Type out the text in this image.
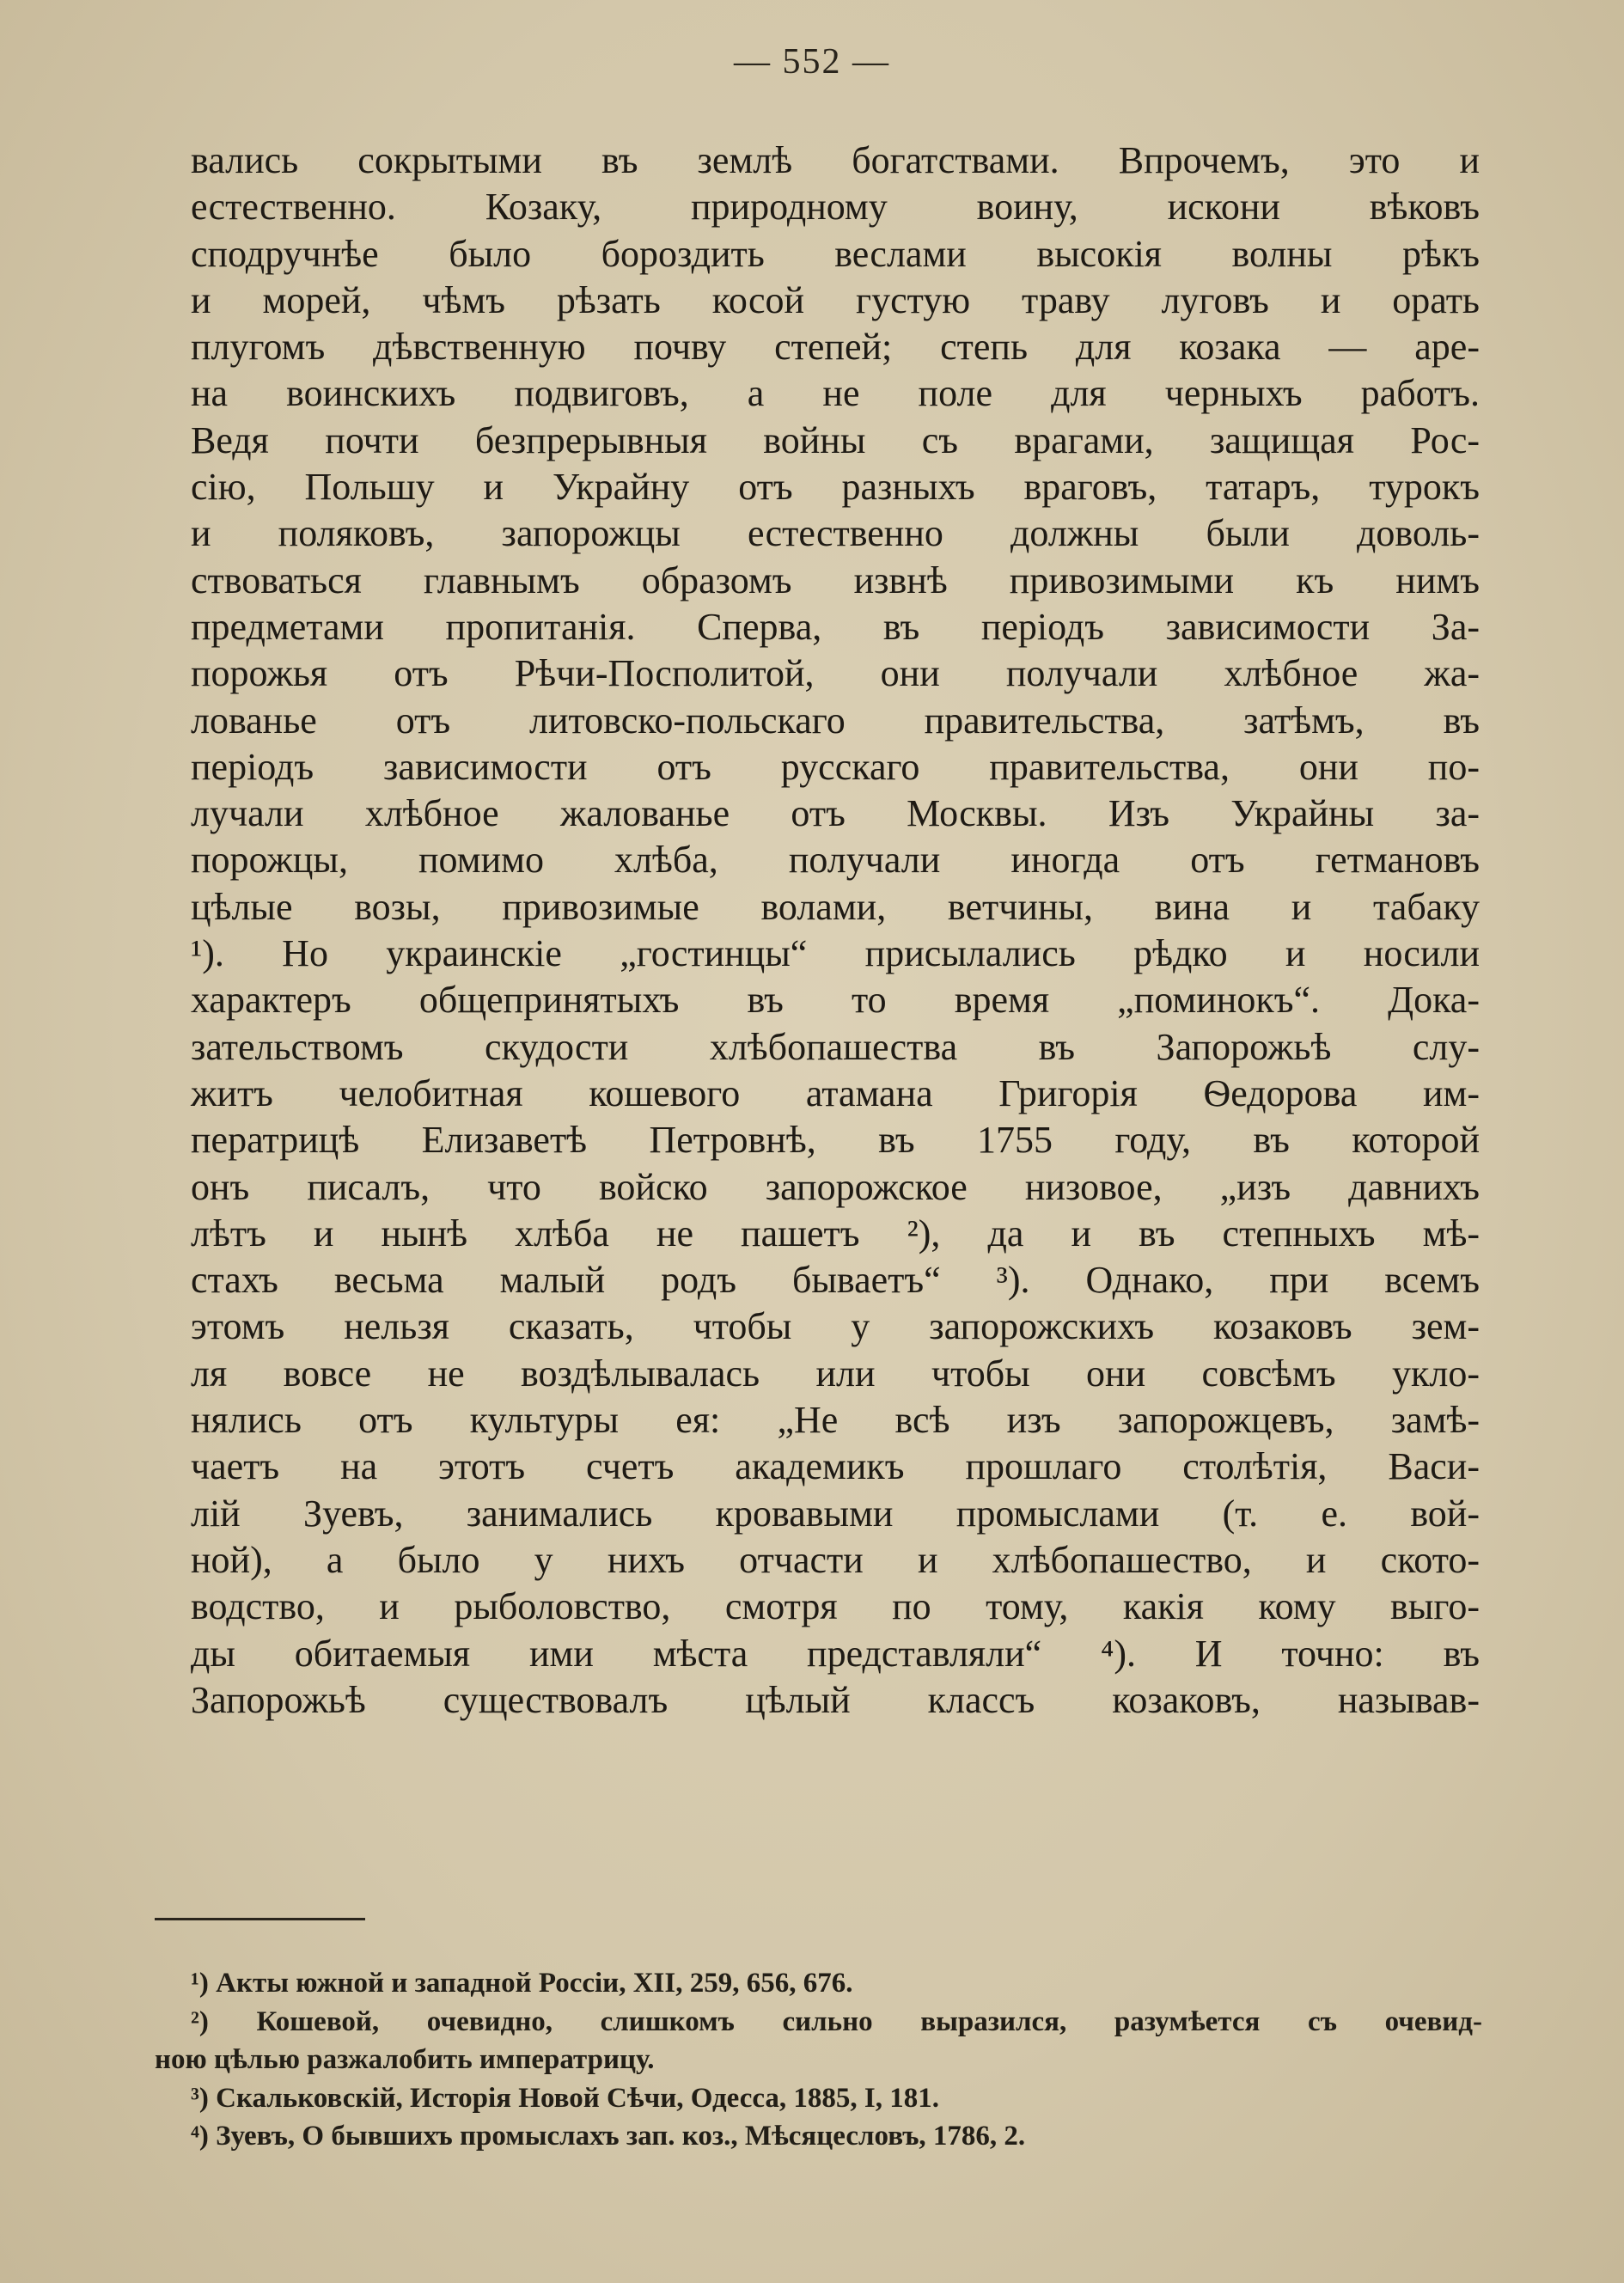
— 552 —
вались сокрытыми въ землѣ богатствами. Впрочемъ, это и
естественно. Козаку, природному воину, искони вѣковъ
сподручнѣе было бороздить веслами высокія волны рѣкъ
и морей, чѣмъ рѣзать косой густую траву луговъ и орать
плугомъ дѣвственную почву степей; степь для козака — аре-
на воинскихъ подвиговъ, а не поле для черныхъ работъ.
Ведя почти безпрерывныя войны съ врагами, защищая Рос-
сію, Польшу и Украйну отъ разныхъ враговъ, татаръ, турокъ
и поляковъ, запорожцы естественно должны были доволь-
ствоваться главнымъ образомъ извнѣ привозимыми къ нимъ
предметами пропитанія. Сперва, въ періодъ зависимости За-
порожья отъ Рѣчи-Посполитой, они получали хлѣбное жа-
лованье отъ литовско-польскаго правительства, затѣмъ, въ
періодъ зависимости отъ русскаго правительства, они по-
лучали хлѣбное жалованье отъ Москвы. Изъ Украйны за-
порожцы, помимо хлѣба, получали иногда отъ гетмановъ
цѣлые возы, привозимые волами, ветчины, вина и табаку
¹). Но украинскіе „гостинцы“ присылались рѣдко и носили
характеръ общепринятыхъ въ то время „поминокъ“. Дока-
зательствомъ скудости хлѣбопашества въ Запорожьѣ слу-
житъ челобитная кошевого атамана Григорія Ѳедорова им-
ператрицѣ Елизаветѣ Петровнѣ, въ 1755 году, въ которой
онъ писалъ, что войско запорожское низовое, „изъ давнихъ
лѣтъ и нынѣ хлѣба не пашетъ ²), да и въ степныхъ мѣ-
стахъ весьма малый родъ бываетъ“ ³). Однако, при всемъ
этомъ нельзя сказать, чтобы у запорожскихъ козаковъ зем-
ля вовсе не воздѣлывалась или чтобы они совсѣмъ укло-
нялись отъ культуры ея: „Не всѣ изъ запорожцевъ, замѣ-
чаетъ на этотъ счетъ академикъ прошлаго столѣтія, Васи-
лій Зуевъ, занимались кровавыми промыслами (т. е. вой-
ной), а было у нихъ отчасти и хлѣбопашество, и ското-
водство, и рыболовство, смотря по тому, какія кому выго-
ды обитаемыя ими мѣста представляли“ ⁴). И точно: въ
Запорожьѣ существовалъ цѣлый классъ козаковъ, называв-
¹) Акты южной и западной Россіи, XII, 259, 656, 676.
²) Кошевой, очевидно, слишкомъ сильно выразился, разумѣется съ очевид-
ною цѣлью разжалобить императрицу.
³) Скальковскій, Исторія Новой Сѣчи, Одесса, 1885, I, 181.
⁴) Зуевъ, О бывшихъ промыслахъ зап. коз., Мѣсяцесловъ, 1786, 2.
